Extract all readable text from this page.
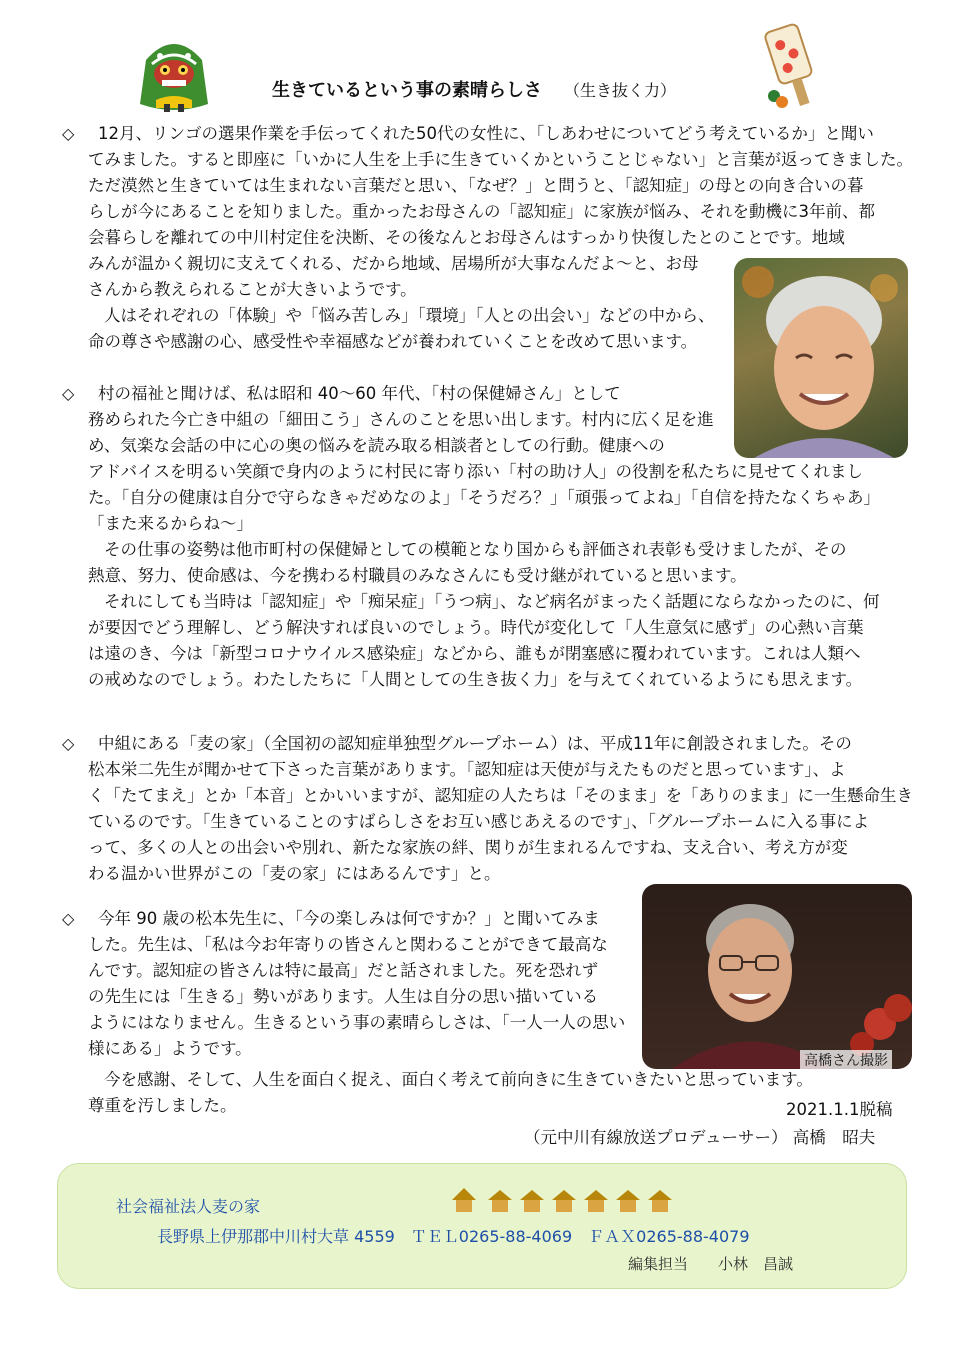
生きているという事の素晴らしさ （生き抜く力）
◇
◇
◇
◇
12月、リンゴの選果作業を手伝ってくれた50代の女性に、「しあわせについてどう考えているか」と聞い
てみました。すると即座に「いかに人生を上手に生きていくかということじゃない」と言葉が返ってきました。
ただ漠然と生きていては生まれない言葉だと思い、「なぜ？」と問うと、「認知症」の母との向き合いの暮
らしが今にあることを知りました。重かったお母さんの「認知症」に家族が悩み、それを動機に3年前、都
会暮らしを離れての中川村定住を決断、その後なんとお母さんはすっかり快復したとのことです。地域
みんが温かく親切に支えてくれる、だから地域、居場所が大事なんだよ～と、お母
さんから教えられることが大きいようです。
人はそれぞれの「体験」や「悩み苦しみ」「環境」「人との出会い」などの中から、
命の尊さや感謝の心、感受性や幸福感などが養われていくことを改めて思います。
村の福祉と聞けば、私は昭和 40～60 年代、「村の保健婦さん」として
務められた今亡き中組の「細田こう」さんのことを思い出します。村内に広く足を進
め、気楽な会話の中に心の奥の悩みを読み取る相談者としての行動。健康への
アドバイスを明るい笑顔で身内のように村民に寄り添い「村の助け人」の役割を私たちに見せてくれまし
た。「自分の健康は自分で守らなきゃだめなのよ」「そうだろ？」「頑張ってよね」「自信を持たなくちゃあ」
「また来るからね～」
その仕事の姿勢は他市町村の保健婦としての模範となり国からも評価され表彰も受けましたが、その
熱意、努力、使命感は、今を携わる村職員のみなさんにも受け継がれていると思います。
それにしても当時は「認知症」や「痴呆症」「うつ病」、など病名がまったく話題にならなかったのに、何
が要因でどう理解し、どう解決すれば良いのでしょう。時代が変化して「人生意気に感ず」の心熱い言葉
は遠のき、今は「新型コロナウイルス感染症」などから、誰もが閉塞感に覆われています。これは人類へ
の戒めなのでしょう。わたしたちに「人間としての生き抜く力」を与えてくれているようにも思えます。
中組にある「麦の家」（全国初の認知症単独型グループホーム）は、平成11年に創設されました。その
松本栄二先生が聞かせて下さった言葉があります。「認知症は天使が与えたものだと思っています」、よ
く「たてまえ」とか「本音」とかいいますが、認知症の人たちは「そのまま」を「ありのまま」に一生懸命生き
ているのです。「生きていることのすばらしさをお互い感じあえるのです」、「グループホームに入る事によ
って、多くの人との出会いや別れ、新たな家族の絆、関りが生まれるんですね、支え合い、考え方が変
わる温かい世界がこの「麦の家」にはあるんです」と。
今年 90 歳の松本先生に、「今の楽しみは何ですか？」と聞いてみま
した。先生は、「私は今お年寄りの皆さんと関わることができて最高な
んです。認知症の皆さんは特に最高」だと話されました。死を恐れず
の先生には「生きる」勢いがあります。人生は自分の思い描いている
ようにはなりません。生きるという事の素晴らしさは、「一人一人の思い
様にある」ようです。
今を感謝、そして、人生を面白く捉え、面白く考えて前向きに生きていきたいと思っています。
尊重を汚しました。	2021.1.1脱稿
（元中川有線放送プロデューサー） 高橋　昭夫
高橋さん撮影
社会福祉法人麦の家
長野県上伊那郡中川村大草 4559　ＴＥＬ0265-88-4069　ＦＡＸ0265-88-4079
編集担当　　小林　昌誠
